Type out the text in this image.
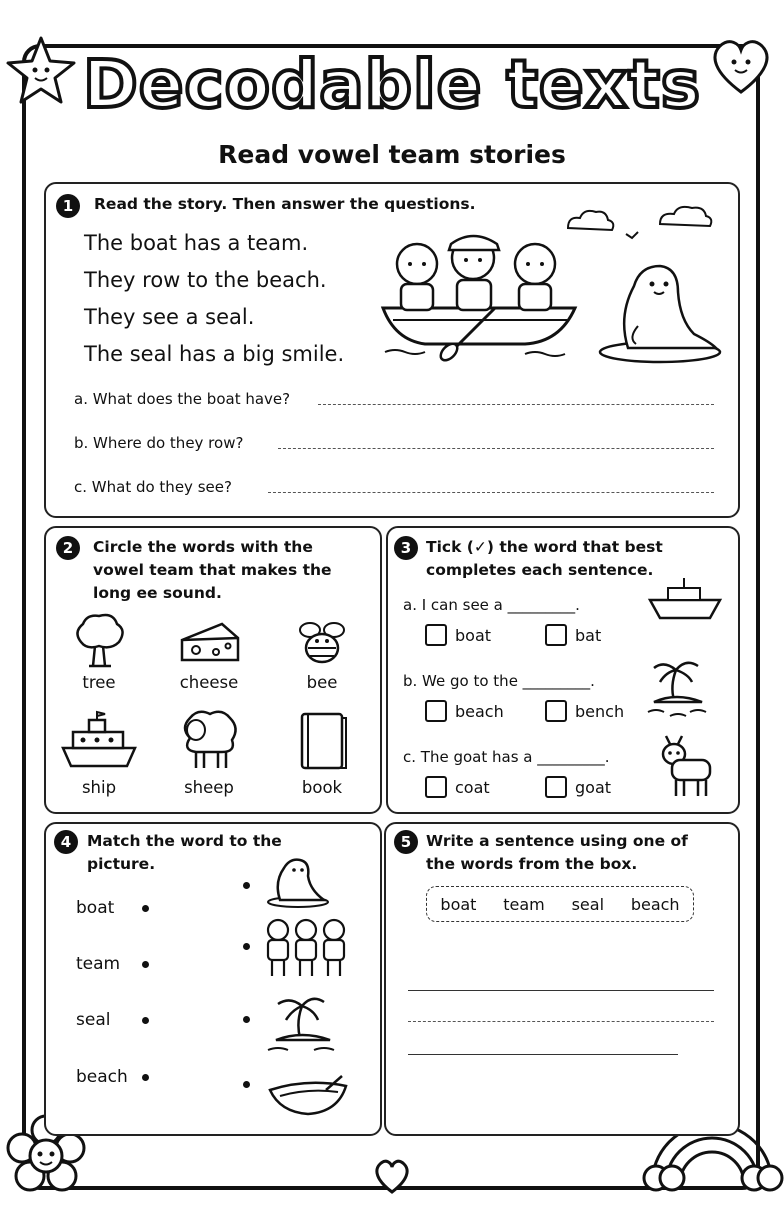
Decodable texts
Read vowel team stories
1	Read the story. Then answer the questions.
The boat has a team.
They row to the beach.
They see a seal.
The seal has a big smile.
a. What does the boat have?
b. Where do they row?
c. What do they see?
2	Circle the words with the
vowel team that makes the
long ee sound.
tree	cheese	bee
ship	sheep	book
3 Tick (✓) the word that best
completes each sentence.
a. I can see a _________.
boat	bat
b. We go to the _________.
beach	bench
c. The goat has a _________.
coat	goat
4	Match the word to the
picture.
boat
team
seal
beach
5 Write a sentence using one of
the words from the box.
boat team seal beach
